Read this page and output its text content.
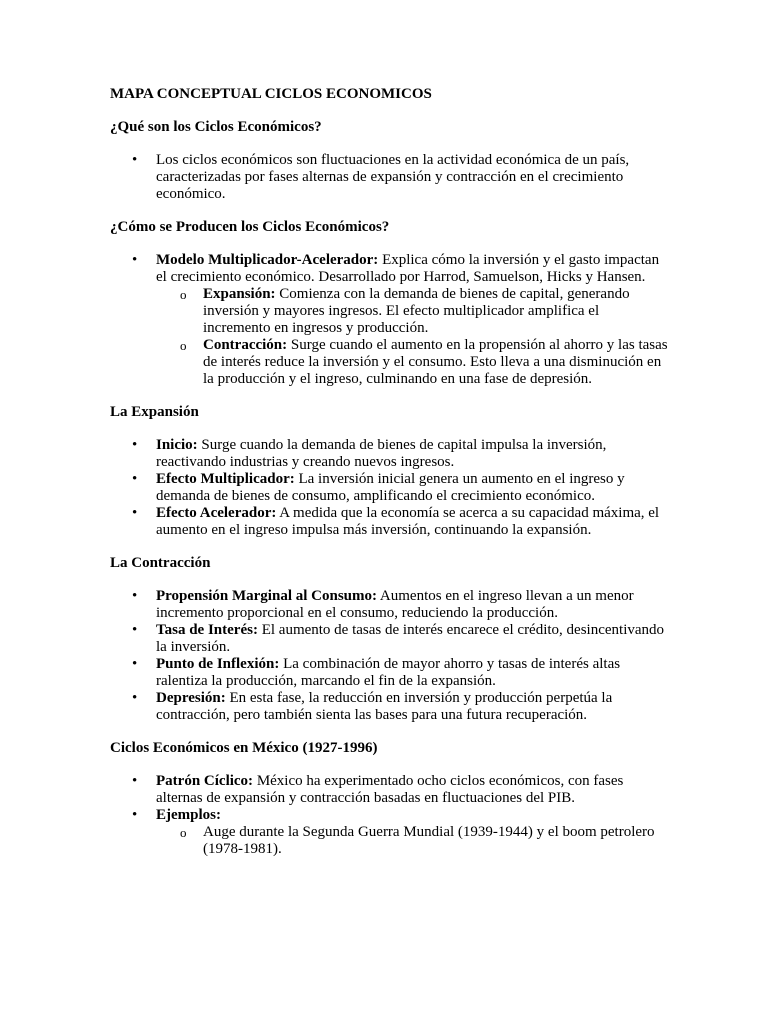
MAPA CONCEPTUAL CICLOS ECONOMICOS
¿Qué son los Ciclos Económicos?
• Los ciclos económicos son fluctuaciones en la actividad económica de un país, caracterizadas por fases alternas de expansión y contracción en el crecimiento económico.
¿Cómo se Producen los Ciclos Económicos?
• Modelo Multiplicador-Acelerador: Explica cómo la inversión y el gasto impactan el crecimiento económico. Desarrollado por Harrod, Samuelson, Hicks y Hansen.
o Expansión: Comienza con la demanda de bienes de capital, generando inversión y mayores ingresos. El efecto multiplicador amplifica el incremento en ingresos y producción.
o Contracción: Surge cuando el aumento en la propensión al ahorro y las tasas de interés reduce la inversión y el consumo. Esto lleva a una disminución en la producción y el ingreso, culminando en una fase de depresión.
La Expansión
• Inicio: Surge cuando la demanda de bienes de capital impulsa la inversión, reactivando industrias y creando nuevos ingresos.
• Efecto Multiplicador: La inversión inicial genera un aumento en el ingreso y demanda de bienes de consumo, amplificando el crecimiento económico.
• Efecto Acelerador: A medida que la economía se acerca a su capacidad máxima, el aumento en el ingreso impulsa más inversión, continuando la expansión.
La Contracción
• Propensión Marginal al Consumo: Aumentos en el ingreso llevan a un menor incremento proporcional en el consumo, reduciendo la producción.
• Tasa de Interés: El aumento de tasas de interés encarece el crédito, desincentivando la inversión.
• Punto de Inflexión: La combinación de mayor ahorro y tasas de interés altas ralentiza la producción, marcando el fin de la expansión.
• Depresión: En esta fase, la reducción en inversión y producción perpetúa la contracción, pero también sienta las bases para una futura recuperación.
Ciclos Económicos en México (1927-1996)
• Patrón Cíclico: México ha experimentado ocho ciclos económicos, con fases alternas de expansión y contracción basadas en fluctuaciones del PIB.
• Ejemplos:
o Auge durante la Segunda Guerra Mundial (1939-1944) y el boom petrolero (1978-1981).
